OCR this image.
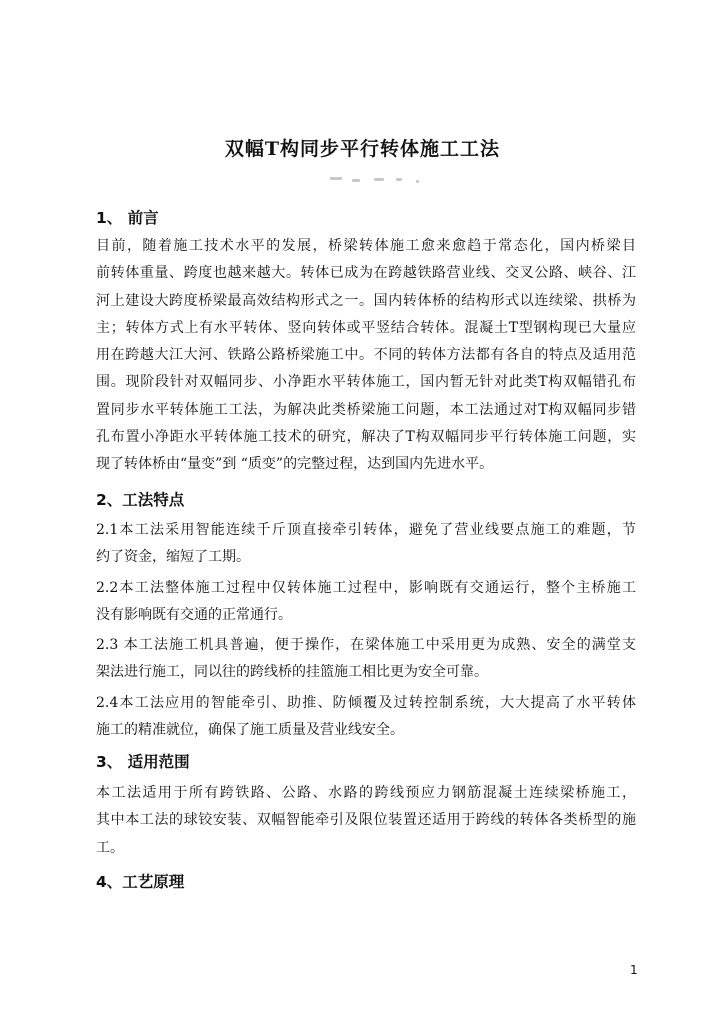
双幅T构同步平行转体施工工法
1、 前言
目前，随着施工技术水平的发展，桥梁转体施工愈来愈趋于常态化，国内桥梁目
前转体重量、跨度也越来越大。转体已成为在跨越铁路营业线、交叉公路、峡谷、江
河上建设大跨度桥梁最高效结构形式之一。国内转体桥的结构形式以连续梁、拱桥为
主；转体方式上有水平转体、竖向转体或平竖结合转体。混凝土T型钢构现已大量应
用在跨越大江大河、铁路公路桥梁施工中。不同的转体方法都有各自的特点及适用范
围。现阶段针对双幅同步、小净距水平转体施工，国内暂无针对此类T构双幅错孔布
置同步水平转体施工工法，为解决此类桥梁施工问题，本工法通过对T构双幅同步错
孔布置小净距水平转体施工技术的研究，解决了T构双幅同步平行转体施工问题，实
现了转体桥由“量变”到 “质变”的完整过程，达到国内先进水平。
2、工法特点
2.1本工法采用智能连续千斤顶直接牵引转体，避免了营业线要点施工的难题，节
约了资金，缩短了工期。
2.2本工法整体施工过程中仅转体施工过程中，影响既有交通运行，整个主桥施工
没有影响既有交通的正常通行。
2.3 本工法施工机具普遍，便于操作，在梁体施工中采用更为成熟、安全的满堂支
架法进行施工，同以往的跨线桥的挂篮施工相比更为安全可靠。
2.4本工法应用的智能牵引、助推、防倾覆及过转控制系统，大大提高了水平转体
施工的精准就位，确保了施工质量及营业线安全。
3、 适用范围
本工法适用于所有跨铁路、公路、水路的跨线预应力钢筋混凝土连续梁桥施工，
其中本工法的球铰安装、双幅智能牵引及限位装置还适用于跨线的转体各类桥型的施
工。
4、工艺原理
1
